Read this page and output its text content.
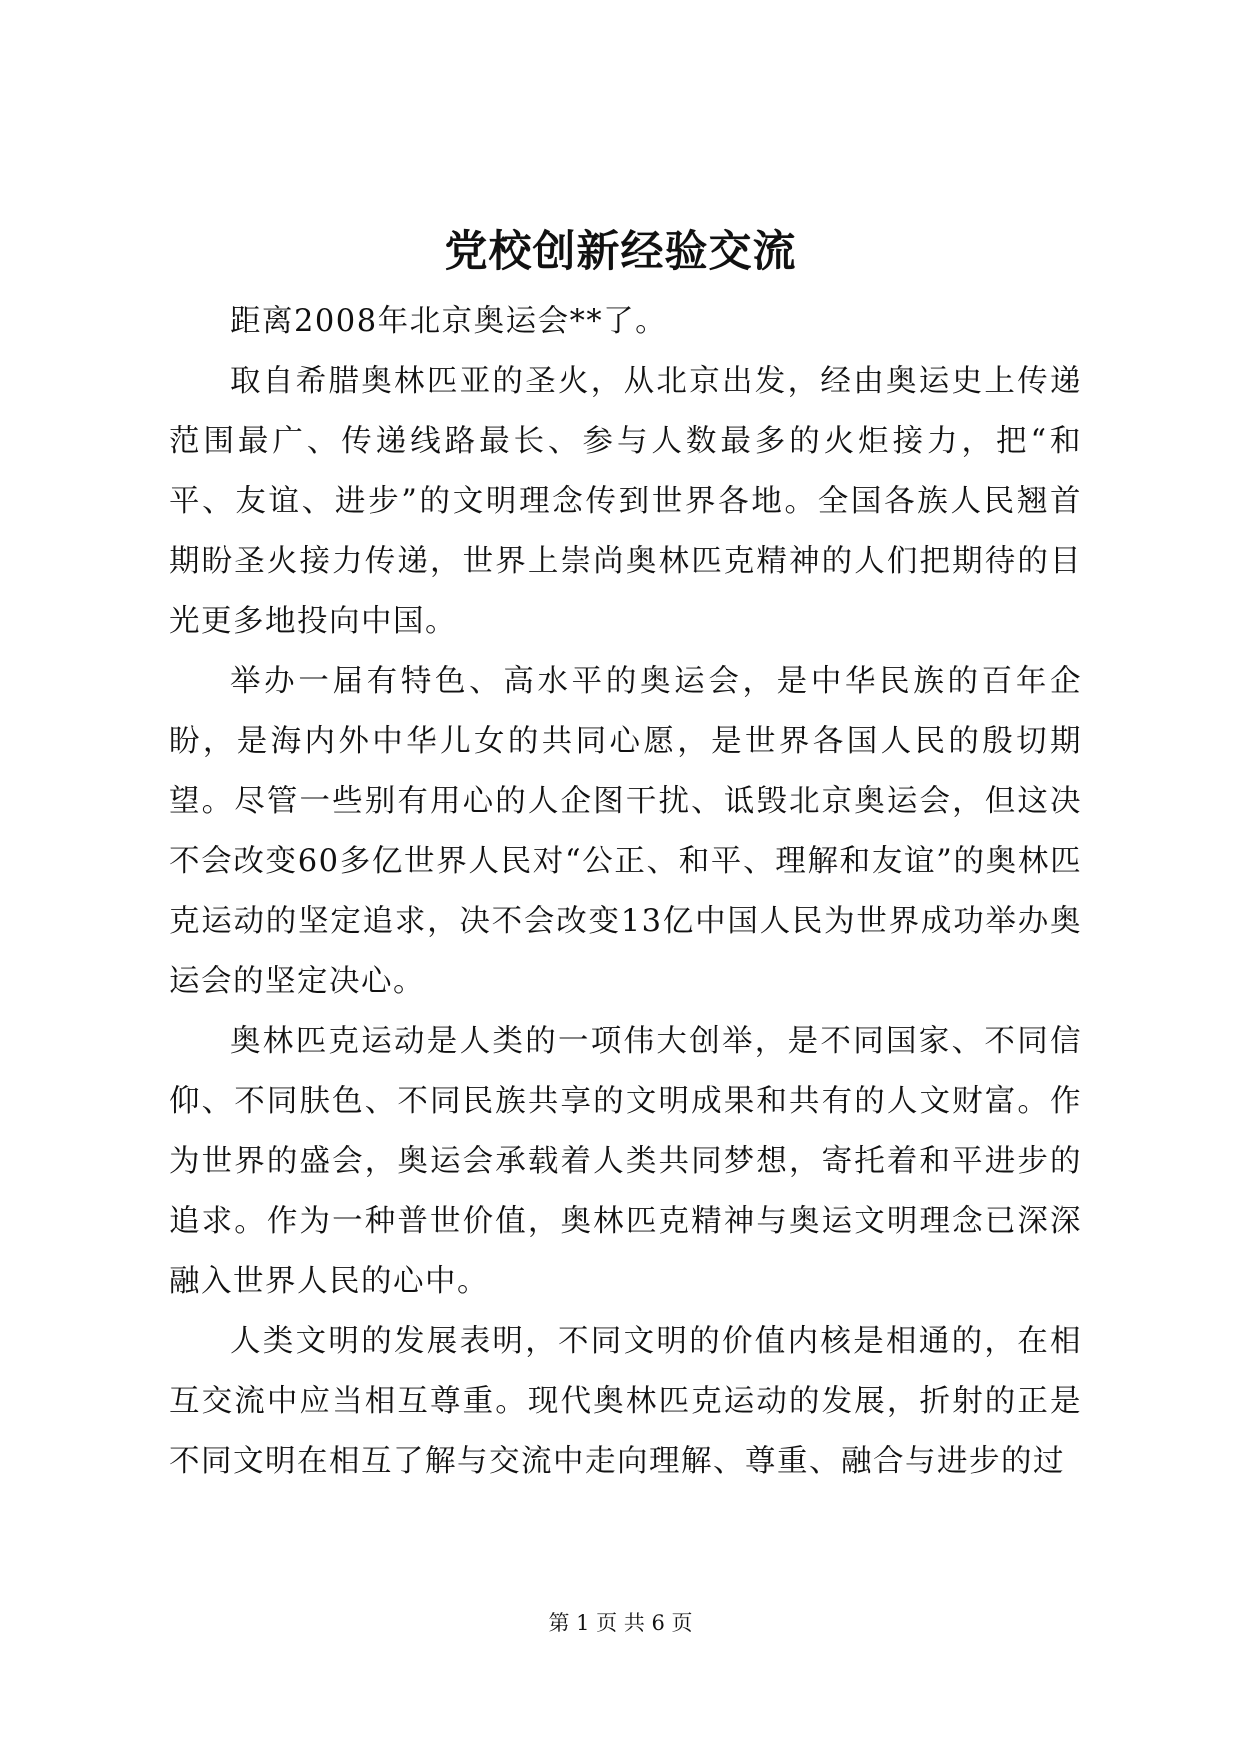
党校创新经验交流

距离2008年北京奥运会**了。

取自希腊奥林匹亚的圣火，从北京出发，经由奥运史上传递范围最广、传递线路最长、参与人数最多的火炬接力，把“和平、友谊、进步”的文明理念传到世界各地。全国各族人民翘首期盼圣火接力传递，世界上崇尚奥林匹克精神的人们把期待的目光更多地投向中国。

举办一届有特色、高水平的奥运会，是中华民族的百年企盼，是海内外中华儿女的共同心愿，是世界各国人民的殷切期望。尽管一些别有用心的人企图干扰、诋毁北京奥运会，但这决不会改变60多亿世界人民对“公正、和平、理解和友谊”的奥林匹克运动的坚定追求，决不会改变13亿中国人民为世界成功举办奥运会的坚定决心。

奥林匹克运动是人类的一项伟大创举，是不同国家、不同信仰、不同肤色、不同民族共享的文明成果和共有的人文财富。作为世界的盛会，奥运会承载着人类共同梦想，寄托着和平进步的追求。作为一种普世价值，奥林匹克精神与奥运文明理念已深深融入世界人民的心中。

人类文明的发展表明，不同文明的价值内核是相通的，在相互交流中应当相互尊重。现代奥林匹克运动的发展，折射的正是不同文明在相互了解与交流中走向理解、尊重、融合与进步的过

第 1 页 共 6 页
